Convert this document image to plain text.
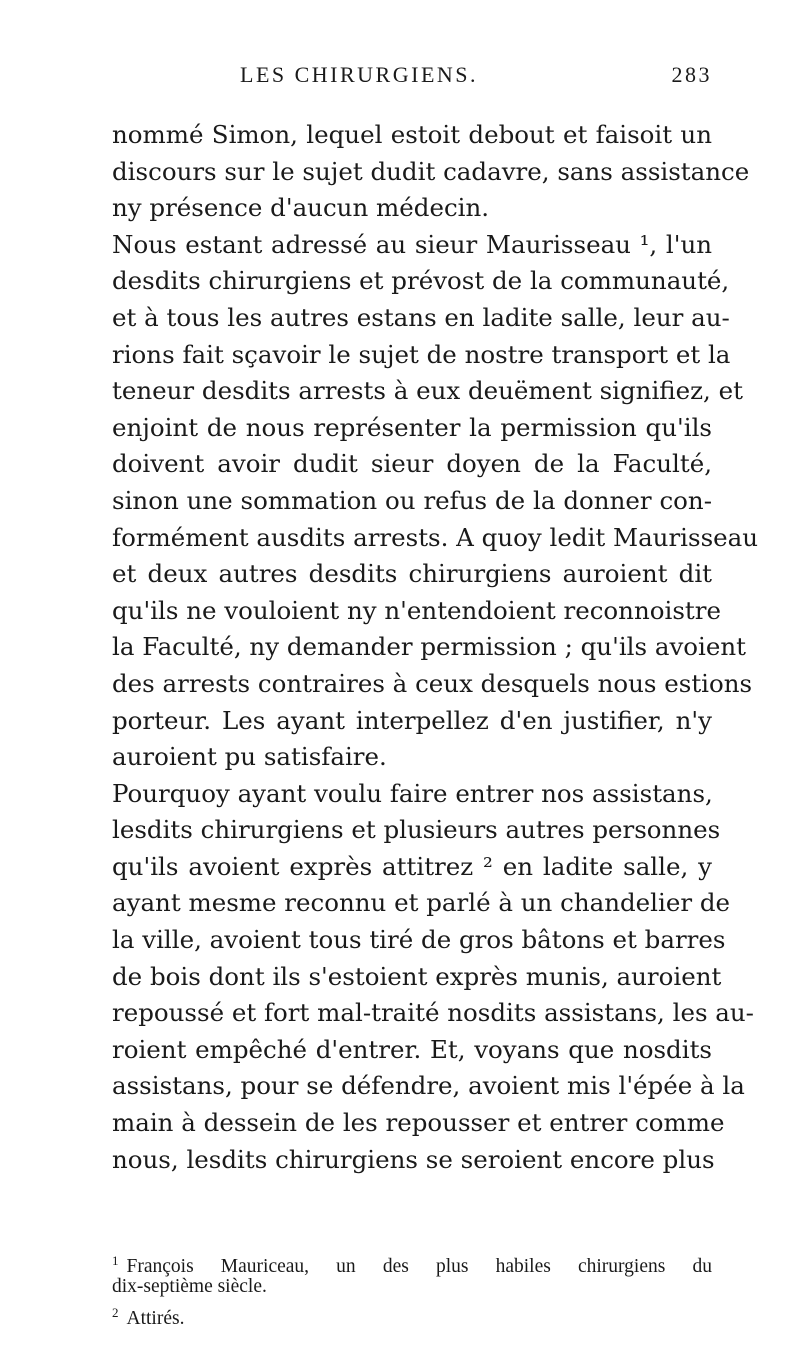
LES CHIRURGIENS.	283
nommé Simon, lequel estoit debout et faisoit un
discours sur le sujet dudit cadavre, sans assistance
ny présence d'aucun médecin.
Nous estant adressé au sieur Maurisseau ¹, l'un
desdits chirurgiens et prévost de la communauté,
et à tous les autres estans en ladite salle, leur au-
rions fait sçavoir le sujet de nostre transport et la
teneur desdits arrests à eux deuëment signifiez, et
enjoint de nous représenter la permission qu'ils
doivent avoir dudit sieur doyen de la Faculté,
sinon une sommation ou refus de la donner con-
formément ausdits arrests. A quoy ledit Maurisseau
et deux autres desdits chirurgiens auroient dit
qu'ils ne vouloient ny n'entendoient reconnoistre
la Faculté, ny demander permission ; qu'ils avoient
des arrests contraires à ceux desquels nous estions
porteur. Les ayant interpellez d'en justifier, n'y
auroient pu satisfaire.
Pourquoy ayant voulu faire entrer nos assistans,
lesdits chirurgiens et plusieurs autres personnes
qu'ils avoient exprès attitrez ² en ladite salle, y
ayant mesme reconnu et parlé à un chandelier de
la ville, avoient tous tiré de gros bâtons et barres
de bois dont ils s'estoient exprès munis, auroient
repoussé et fort mal-traité nosdits assistans, les au-
roient empêché d'entrer. Et, voyans que nosdits
assistans, pour se défendre, avoient mis l'épée à la
main à dessein de les repousser et entrer comme
nous, lesdits chirurgiens se seroient encore plus
$^1$ François Mauriceau, un des plus habiles chirurgiens du
dix-septième siècle.
$^2$ Attirés.
